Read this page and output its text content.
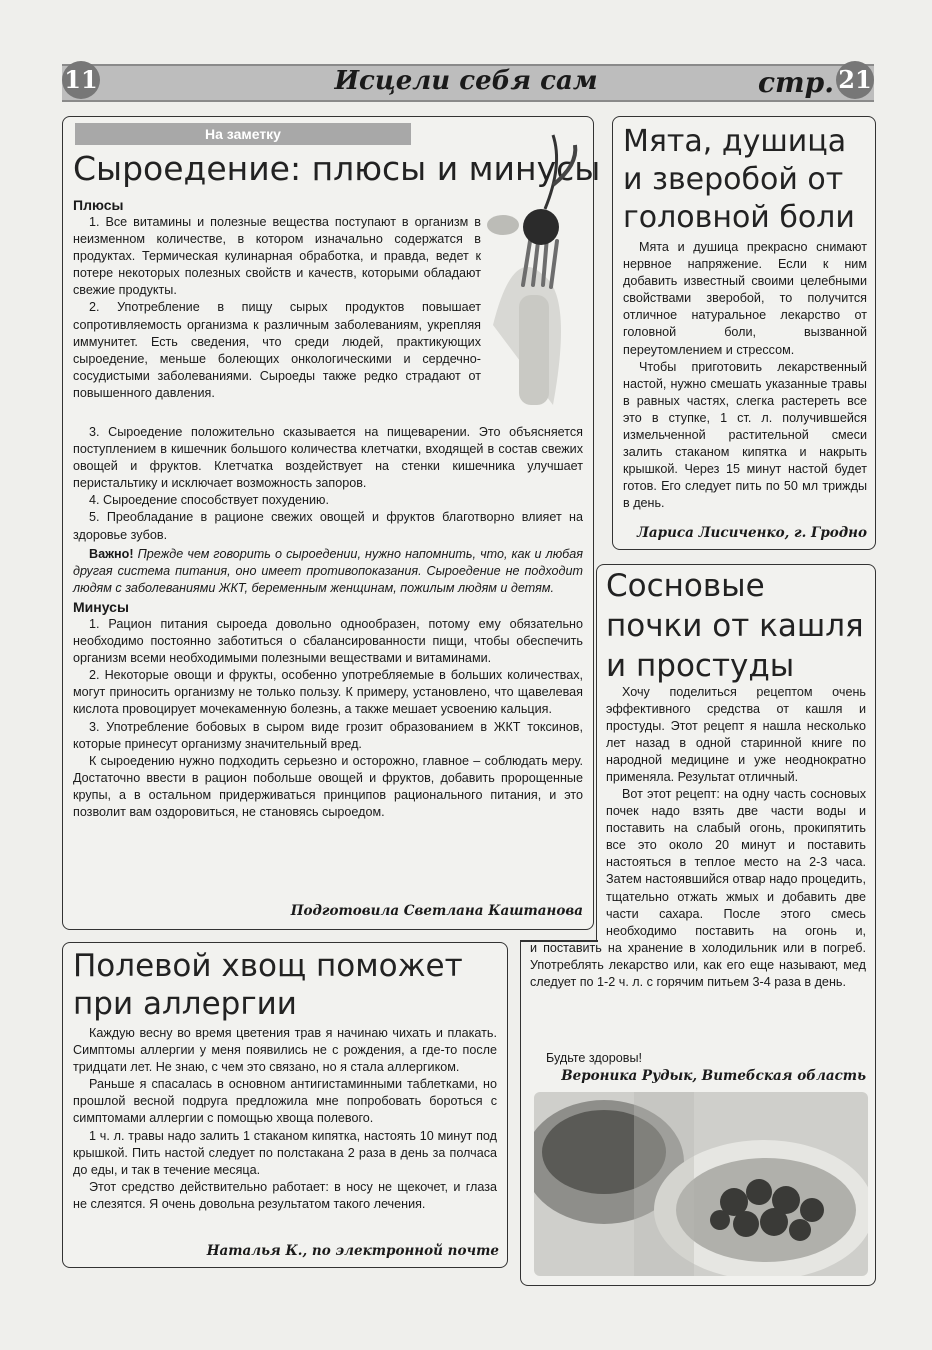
11	Исцели себя сам	стр. 21
На заметку
Сыроедение: плюсы и минусы
Плюсы

1. Все витамины и полезные вещества поступают в организм в неизменном количестве, в котором изначально содержатся в продуктах. Термическая кулинарная обработка, и правда, ведет к потере некоторых полезных свойств и качеств, которыми обладают свежие продукты.

2. Употребление в пищу сырых продуктов повышает сопротивляемость организма к различным заболеваниям, укрепляя иммунитет. Есть сведения, что среди людей, практикующих сыроедение, меньше болеющих онкологическими и сердечно-сосудистыми заболеваниями. Сыроеды также редко страдают от повышенного давления.

3. Сыроедение положительно сказывается на пищеварении. Это объясняется поступлением в кишечник большого количества клетчатки, входящей в состав свежих овощей и фруктов. Клетчатка воздействует на стенки кишечника улучшает перистальтику и исключает возможность запоров.

4. Сыроедение способствует похудению.

5. Преобладание в рационе свежих овощей и фруктов благотворно влияет на здоровье зубов.

Важно! Прежде чем говорить о сыроедении, нужно напомнить, что, как и любая другая система питания, оно имеет противопоказания. Сыроедение не подходит людям с заболеваниями ЖКТ, беременным женщинам, пожилым людям и детям.

Минусы

1. Рацион питания сыроеда довольно однообразен, потому ему обязательно необходимо постоянно заботиться о сбалансированности пищи, чтобы обеспечить организм всеми необходимыми полезными веществами и витаминами.

2. Некоторые овощи и фрукты, особенно употребляемые в больших количествах, могут приносить организму не только пользу. К примеру, установлено, что щавелевая кислота провоцирует мочекаменную болезнь, а также мешает усвоению кальция.

3. Употребление бобовых в сыром виде грозит образованием в ЖКТ токсинов, которые принесут организму значительный вред.

К сыроедению нужно подходить серьезно и осторожно, главное – соблюдать меру. Достаточно ввести в рацион побольше овощей и фруктов, добавить пророщенные крупы, а в остальном придерживаться принципов рационального питания, и это позволит вам оздоровиться, не становясь сыроедом.

Подготовила Светлана Каштанова
Мята, душица и зверобой от головной боли

Мята и душица прекрасно снимают нервное напряжение. Если к ним добавить известный своими целебными свойствами зверобой, то получится отличное натуральное лекарство от головной боли, вызванной переутомлением и стрессом.

Чтобы приготовить лекарственный настой, нужно смешать указанные травы в равных частях, слегка растереть все это в ступке, 1 ст. л. получившейся измельченной растительной смеси залить стаканом кипятка и накрыть крышкой. Через 15 минут настой будет готов. Его следует пить по 50 мл трижды в день.

Лариса Лисиченко, г. Гродно
Сосновые почки от кашля и простуды

Хочу поделиться рецептом очень эффективного средства от кашля и простуды. Этот рецепт я нашла несколько лет назад в одной старинной книге по народной медицине и уже неоднократно применяла. Результат отличный.

Вот этот рецепт: на одну часть сосновых почек надо взять две части воды и поставить на слабый огонь, прокипятить все это около 20 минут и поставить настояться в теплое место на 2-3 часа. Затем настоявшийся отвар надо процедить, тщательно отжать жмых и добавить две части сахара. После этого смесь необходимо поставить на огонь и,

и поставить на хранение в холодильник или в погреб. Употреблять лекарство или, как его еще называют, мед следует по 1-2 ч. л. с горячим питьем 3-4 раза в день.

Будьте здоровы!

Вероника Рудык, Витебская область
Полевой хвощ поможет при аллергии

Каждую весну во время цветения трав я начинаю чихать и плакать. Симптомы аллергии у меня появились не с рождения, а где-то после тридцати лет. Не знаю, с чем это связано, но я стала аллергиком.

Раньше я спасалась в основном антигистаминными таблетками, но прошлой весной подруга предложила мне попробовать бороться с симптомами аллергии с помощью хвоща полевого.

1 ч. л. травы надо залить 1 стаканом кипятка, настоять 10 минут под крышкой. Пить настой следует по полстакана 2 раза в день за полчаса до еды, и так в течение месяца.

Этот средство действительно работает: в носу не щекочет, и глаза не слезятся. Я очень довольна результатом такого лечения.

Наталья К., по электронной почте
